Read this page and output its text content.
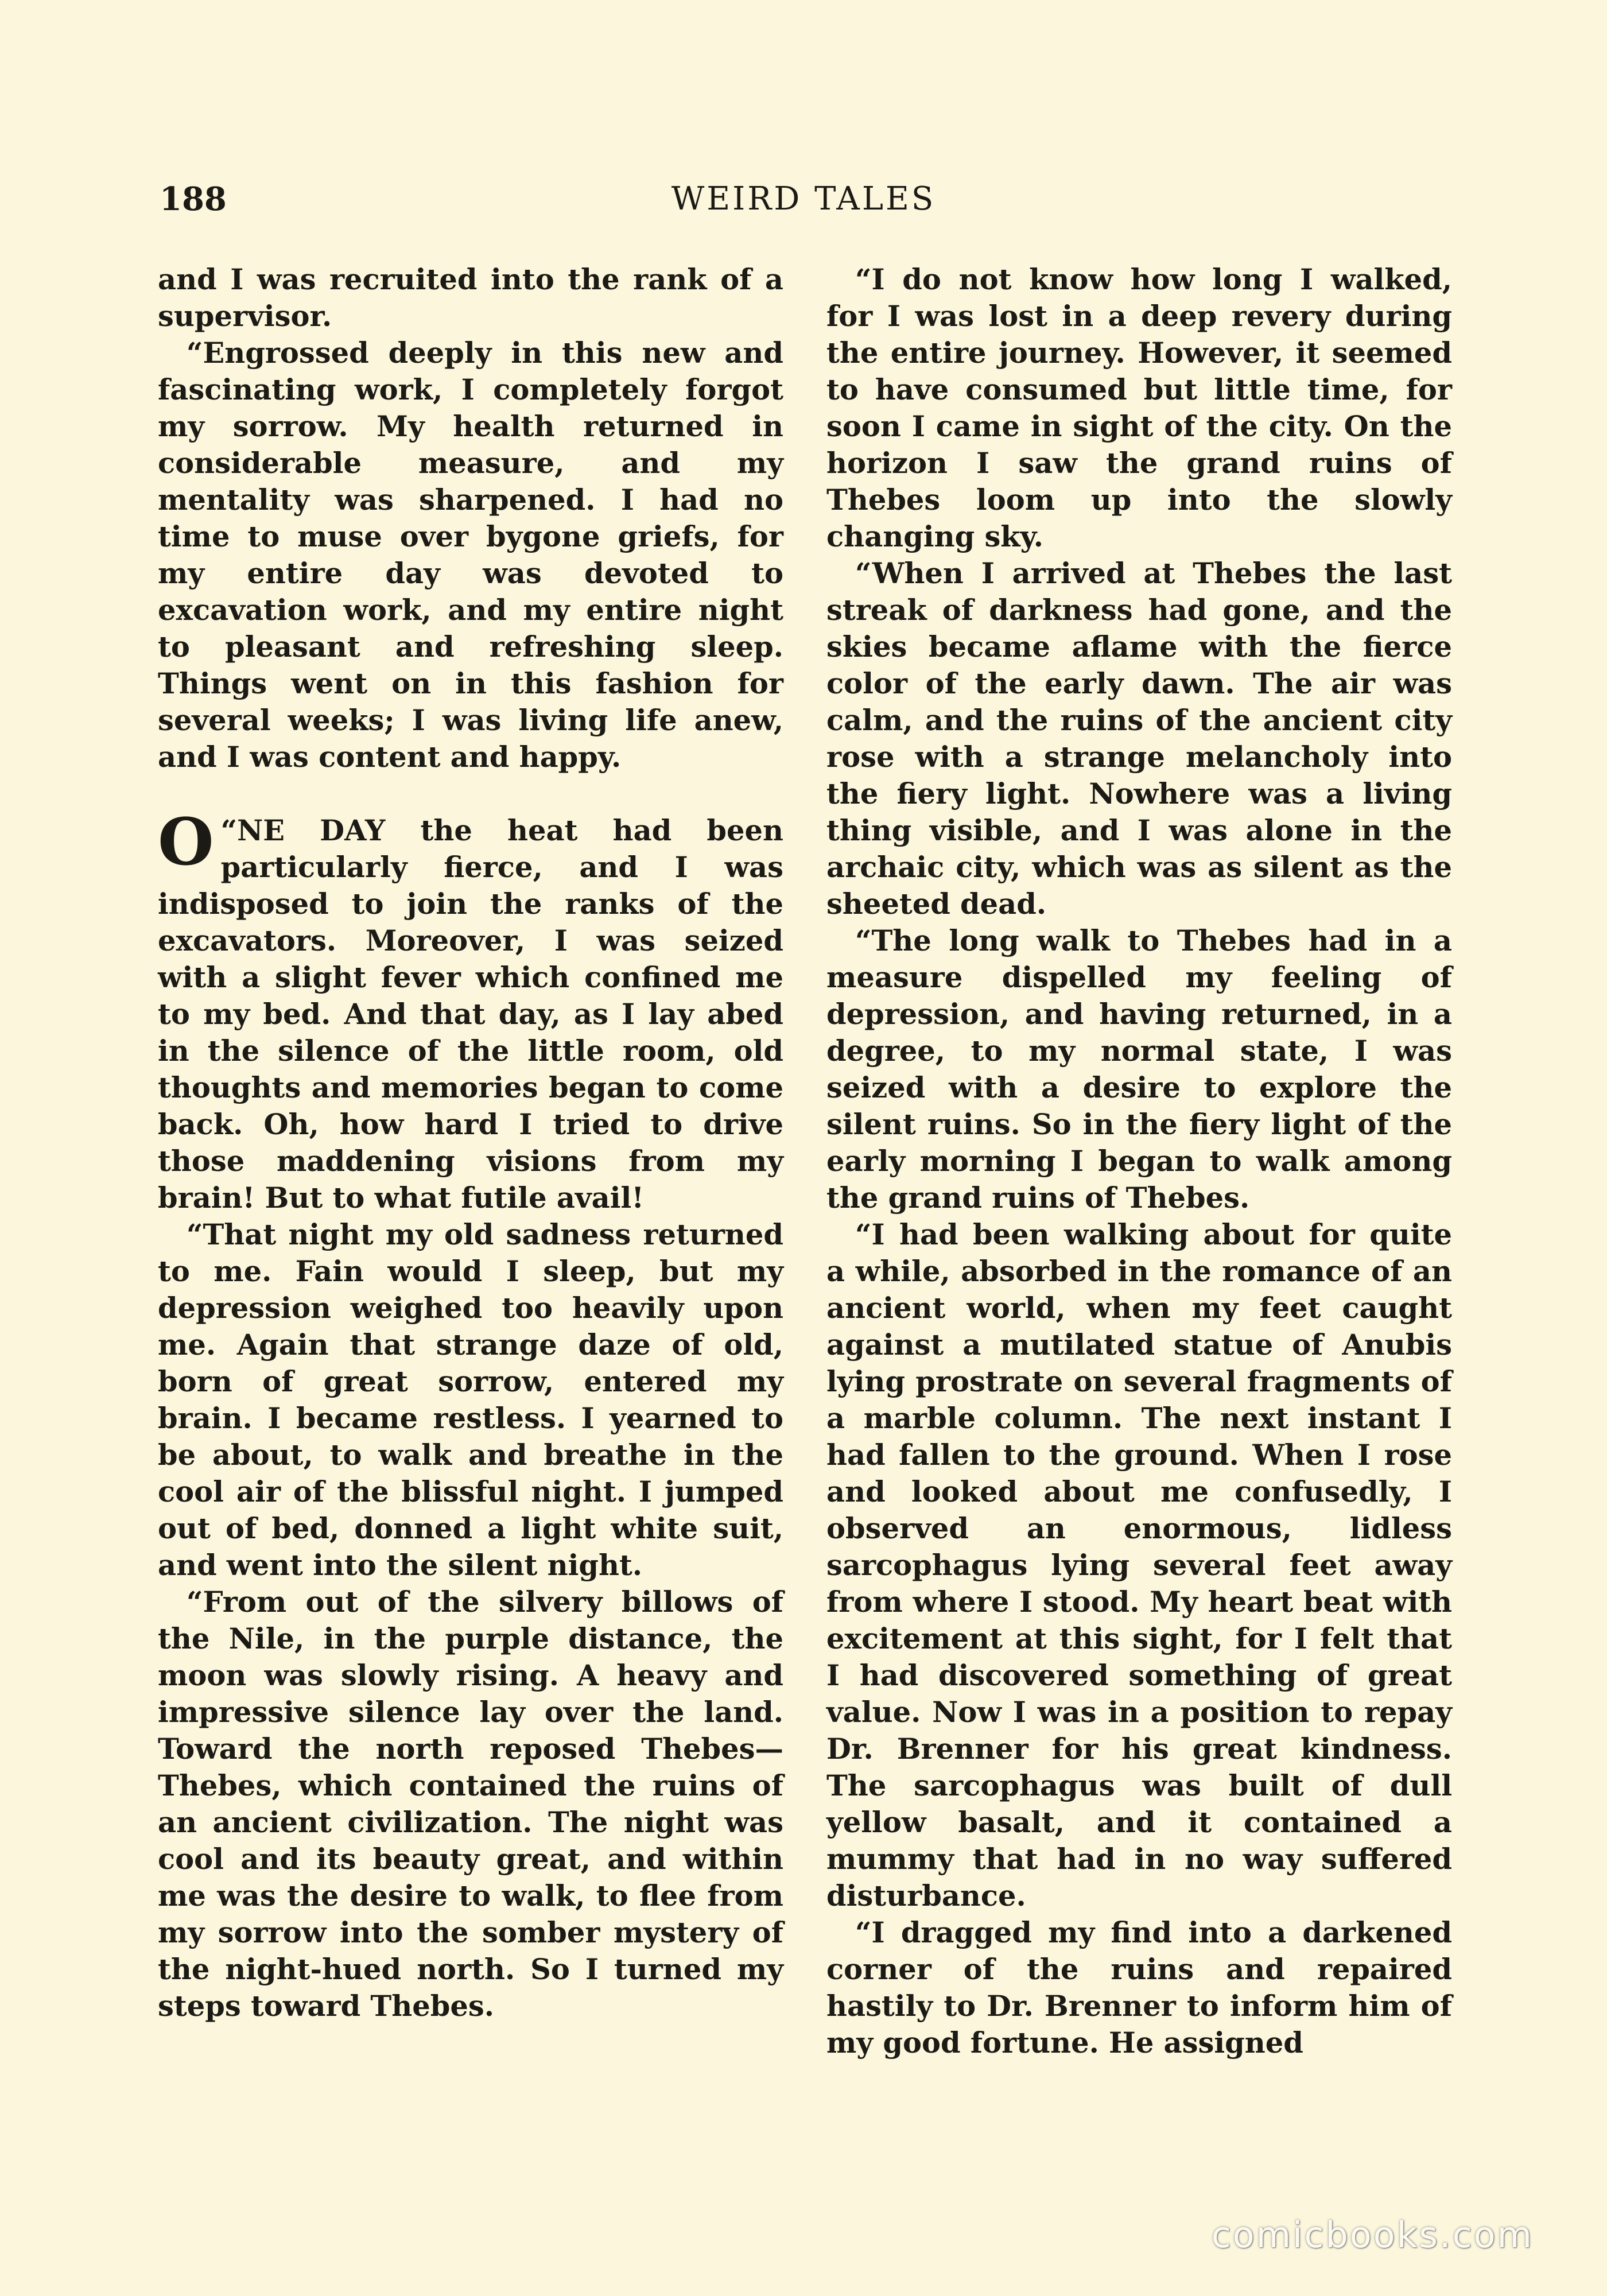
188	WEIRD TALES

and I was recruited into the rank of a supervisor.

“Engrossed deeply in this new and fascinating work, I completely forgot my sorrow. My health returned in considerable measure, and my mentality was sharpened. I had no time to muse over bygone griefs, for my entire day was devoted to excavation work, and my entire night to pleasant and refreshing sleep. Things went on in this fashion for several weeks; I was living life anew, and I was content and happy.

“
O NE DAY the heat had been particularly fierce, and I was indisposed to join the ranks of the excavators. Moreover, I was seized with a slight fever which confined me to my bed. And that day, as I lay abed in the silence of the little room, old thoughts and memories began to come back. Oh, how hard I tried to drive those maddening visions from my brain! But to what futile avail!

“That night my old sadness returned to me. Fain would I sleep, but my depression weighed too heavily upon me. Again that strange daze of old, born of great sorrow, entered my brain. I became restless. I yearned to be about, to walk and breathe in the cool air of the blissful night. I jumped out of bed, donned a light white suit, and went into the silent night.

“From out of the silvery billows of the Nile, in the purple distance, the moon was slowly rising. A heavy and impressive silence lay over the land. Toward the north reposed Thebes—Thebes, which contained the ruins of an ancient civilization. The night was cool and its beauty great, and within me was the desire to walk, to flee from my sorrow into the somber mystery of the night-hued north. So I turned my steps toward Thebes.

“I do not know how long I walked, for I was lost in a deep revery during the entire journey. However, it seemed to have consumed but little time, for soon I came in sight of the city. On the horizon I saw the grand ruins of Thebes loom up into the slowly changing sky.

“When I arrived at Thebes the last streak of darkness had gone, and the skies became aflame with the fierce color of the early dawn. The air was calm, and the ruins of the ancient city rose with a strange melancholy into the fiery light. Nowhere was a living thing visible, and I was alone in the archaic city, which was as silent as the sheeted dead.

“The long walk to Thebes had in a measure dispelled my feeling of depression, and having returned, in a degree, to my normal state, I was seized with a desire to explore the silent ruins. So in the fiery light of the early morning I began to walk among the grand ruins of Thebes.

“I had been walking about for quite a while, absorbed in the romance of an ancient world, when my feet caught against a mutilated statue of Anubis lying prostrate on several fragments of a marble column. The next instant I had fallen to the ground. When I rose and looked about me confusedly, I observed an enormous, lidless sarcophagus lying several feet away from where I stood. My heart beat with excitement at this sight, for I felt that I had discovered something of great value. Now I was in a position to repay Dr. Brenner for his great kindness. The sarcophagus was built of dull yellow basalt, and it contained a mummy that had in no way suffered disturbance.

“I dragged my find into a darkened corner of the ruins and repaired hastily to Dr. Brenner to inform him of my good fortune. He assigned

comicbooks.com
